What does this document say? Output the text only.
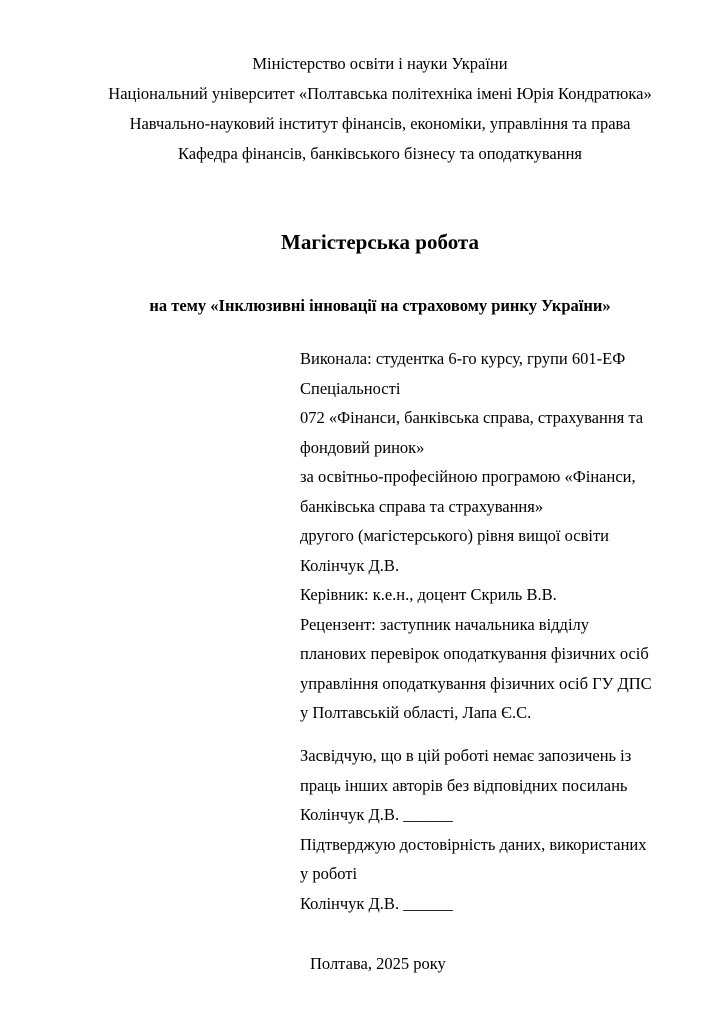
Міністерство освіти і науки України
Національний університет «Полтавська політехніка імені Юрія Кондратюка»
Навчально-науковий інститут фінансів, економіки, управління та права
Кафедра фінансів, банківського бізнесу та оподаткування
Магістерська робота
на тему «Інклюзивні інновації на страховому ринку України»
Виконала: студентка 6-го курсу, групи 601-ЕФ
Спеціальності
072 «Фінанси, банківська справа, страхування та
фондовий ринок»
за освітньо-професійною програмою «Фінанси,
банківська справа та страхування»
другого (магістерського) рівня вищої освіти
Колінчук Д.В.
Керівник: к.е.н., доцент Скриль В.В.
Рецензент: заступник начальника відділу
планових перевірок оподаткування фізичних осіб
управління оподаткування фізичних осіб ГУ ДПС
у Полтавській області, Лапа Є.С.
Засвідчую, що в цій роботі немає запозичень із
праць інших авторів без відповідних посилань
Колінчук Д.В. ______
Підтверджую достовірність даних, використаних
у роботі
Колінчук Д.В. ______
Полтава, 2025 року
